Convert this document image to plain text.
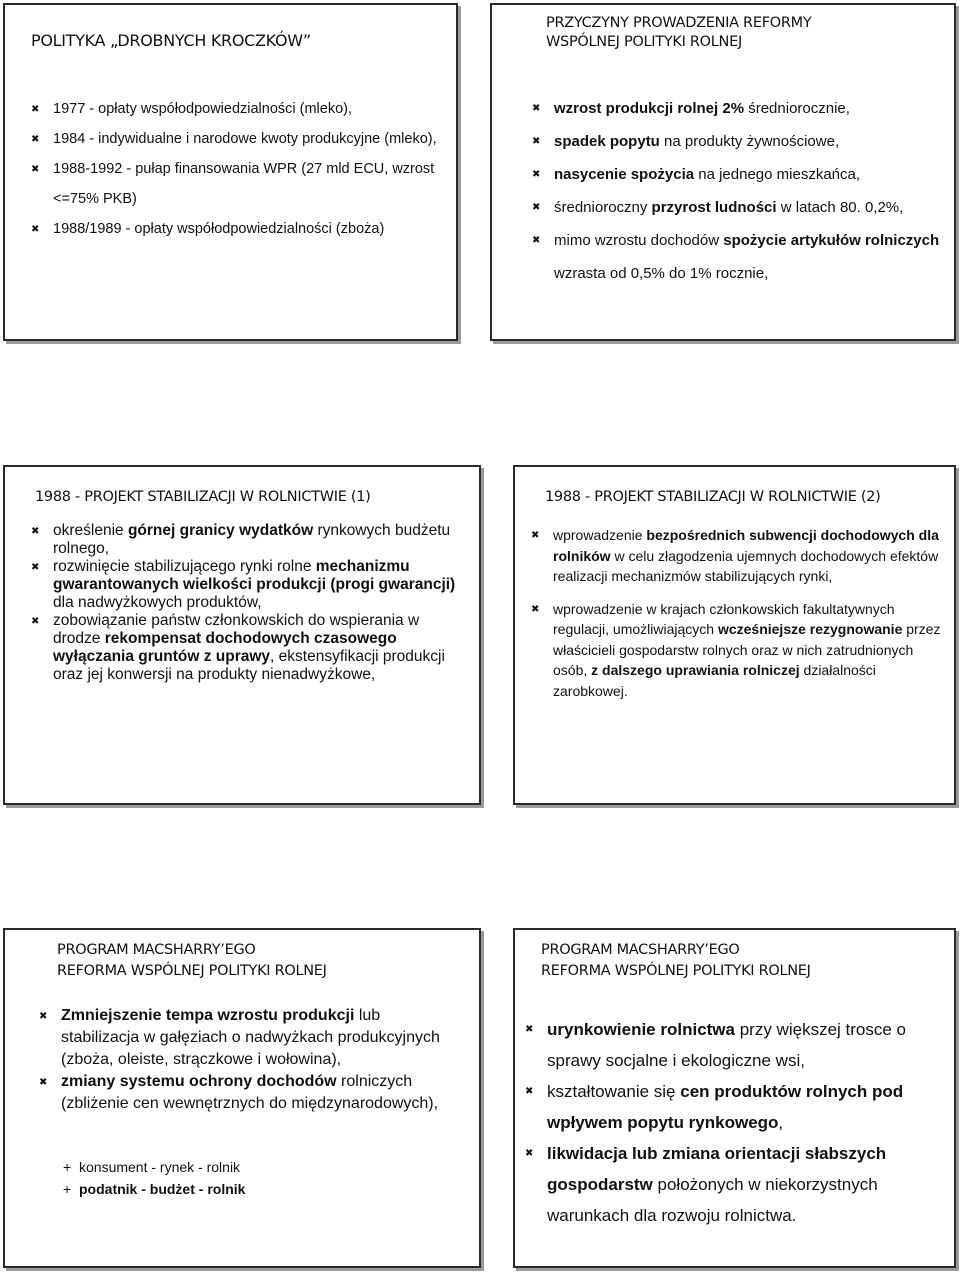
POLITYKA „DROBNYCH KROCZKÓW”
✖ 1977 - opłaty współodpowiedzialności (mleko),
✖ 1984 - indywidualne i narodowe kwoty produkcyjne (mleko),
✖ 1988-1992 - pułap finansowania WPR (27 mld ECU, wzrost <=75% PKB)
✖ 1988/1989 - opłaty współodpowiedzialności (zboża)
PRZYCZYNY PROWADZENIA REFORMY
WSPÓLNEJ POLITYKI ROLNEJ
✖ wzrost produkcji rolnej 2% średniorocznie,
✖ spadek popytu na produkty żywnościowe,
✖ nasycenie spożycia na jednego mieszkańca,
✖ średnioroczny przyrost ludności w latach 80. 0,2%,
✖ mimo wzrostu dochodów spożycie artykułów rolniczych wzrasta od 0,5% do 1% rocznie,
1988 - PROJEKT STABILIZACJI W ROLNICTWIE (1)
✖ określenie górnej granicy wydatków rynkowych budżetu rolnego,
✖ rozwinięcie stabilizującego rynki rolne mechanizmu gwarantowanych wielkości produkcji (progi gwarancji) dla nadwyżkowych produktów,
✖ zobowiązanie państw członkowskich do wspierania w drodze rekompensat dochodowych czasowego wyłączania gruntów z uprawy, ekstensyfikacji produkcji oraz jej konwersji na produkty nienadwyżkowe,
1988 - PROJEKT STABILIZACJI W ROLNICTWIE (2)
✖ wprowadzenie bezpośrednich subwencji dochodowych dla rolników w celu złagodzenia ujemnych dochodowych efektów realizacji mechanizmów stabilizujących rynki,
✖ wprowadzenie w krajach członkowskich fakultatywnych regulacji, umożliwiających wcześniejsze rezygnowanie przez właścicieli gospodarstw rolnych oraz w nich zatrudnionych osób, z dalszego uprawiania rolniczej działalności zarobkowej.
PROGRAM MACSHARRY’EGO
REFORMA WSPÓLNEJ POLITYKI ROLNEJ
✖ Zmniejszenie tempa wzrostu produkcji lub stabilizacja w gałęziach o nadwyżkach produkcyjnych (zboża, oleiste, strączkowe i wołowina),
✖ zmiany systemu ochrony dochodów rolniczych (zbliżenie cen wewnętrznych do międzynarodowych),
+ konsument - rynek - rolnik
+ podatnik - budżet - rolnik
PROGRAM MACSHARRY’EGO
REFORMA WSPÓLNEJ POLITYKI ROLNEJ
✖ urynkowienie rolnictwa przy większej trosce o sprawy socjalne i ekologiczne wsi,
✖ kształtowanie się cen produktów rolnych pod wpływem popytu rynkowego,
✖ likwidacja lub zmiana orientacji słabszych gospodarstw położonych w niekorzystnych warunkach dla rozwoju rolnictwa.
